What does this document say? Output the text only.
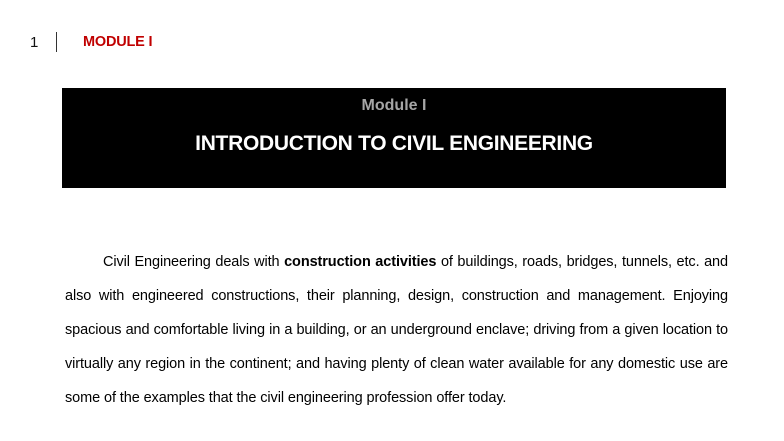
1	MODULE I
Module I
INTRODUCTION TO CIVIL ENGINEERING

Civil Engineering deals with construction activities of buildings, roads, bridges, tunnels, etc. and also with engineered constructions, their planning, design, construction and management. Enjoying spacious and comfortable living in a building, or an underground enclave; driving from a given location to virtually any region in the continent; and having plenty of clean water available for any domestic use are some of the examples that the civil engineering profession offer today.
